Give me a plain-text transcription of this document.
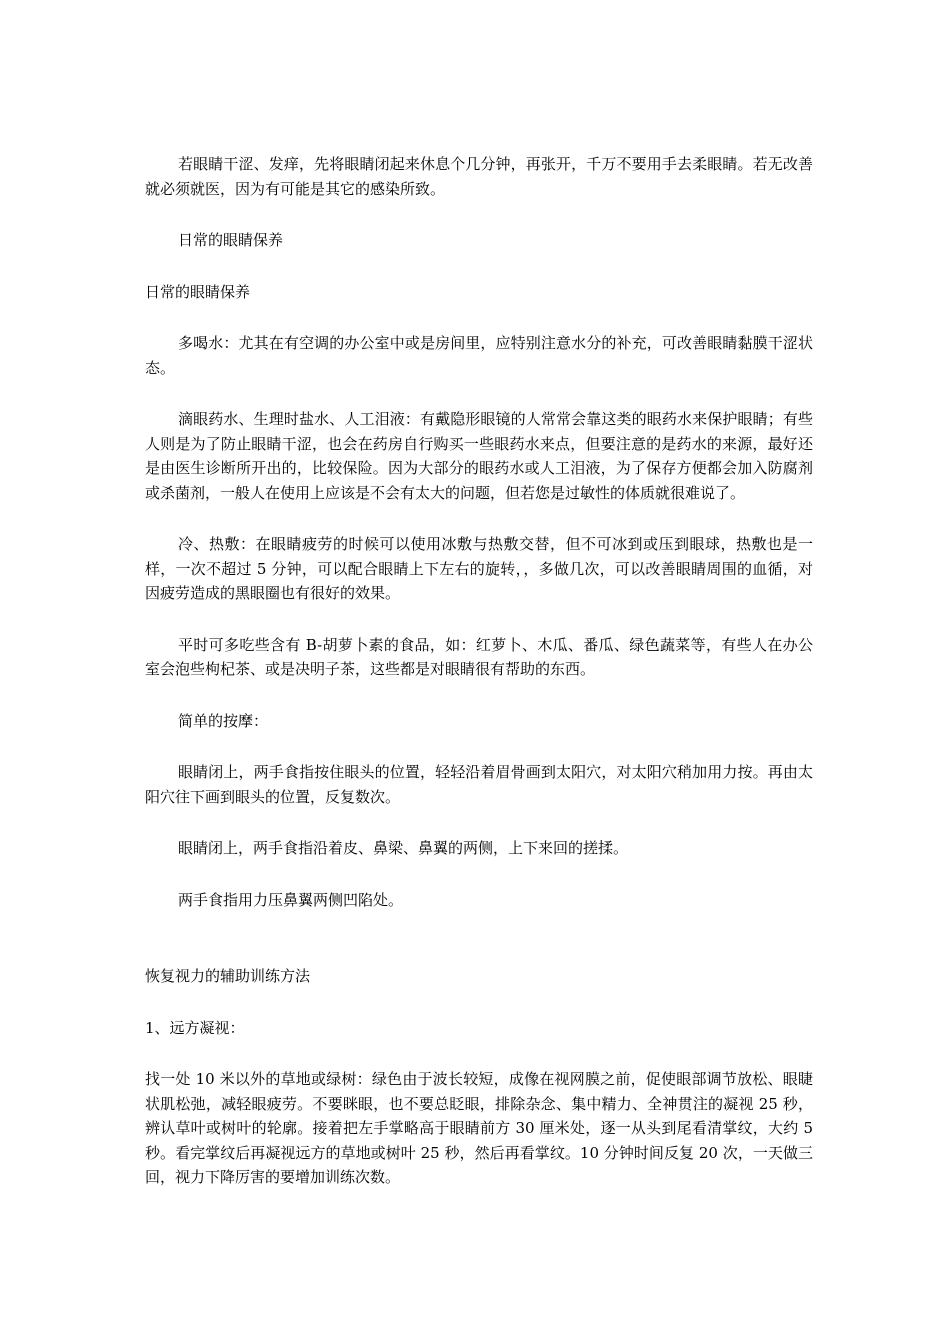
若眼睛干涩、发痒，先将眼睛闭起来休息个几分钟，再张开，千万不要用手去柔眼睛。若无改善就必须就医，因为有可能是其它的感染所致。

日常的眼睛保养

日常的眼睛保养

多喝水：尤其在有空调的办公室中或是房间里，应特别注意水分的补充，可改善眼睛黏膜干涩状态。

滴眼药水、生理时盐水、人工泪液：有戴隐形眼镜的人常常会靠这类的眼药水来保护眼睛；有些人则是为了防止眼睛干涩，也会在药房自行购买一些眼药水来点，但要注意的是药水的来源，最好还是由医生诊断所开出的，比较保险。因为大部分的眼药水或人工泪液，为了保存方便都会加入防腐剂或杀菌剂，一般人在使用上应该是不会有太大的问题，但若您是过敏性的体质就很难说了。

冷、热敷：在眼睛疲劳的时候可以使用冰敷与热敷交替，但不可冰到或压到眼球，热敷也是一样，一次不超过 5 分钟，可以配合眼睛上下左右的旋转，，多做几次，可以改善眼睛周围的血循，对因疲劳造成的黑眼圈也有很好的效果。

平时可多吃些含有 B-胡萝卜素的食品，如：红萝卜、木瓜、番瓜、绿色蔬菜等，有些人在办公室会泡些枸杞茶、或是决明子茶，这些都是对眼睛很有帮助的东西。

简单的按摩：

眼睛闭上，两手食指按住眼头的位置，轻轻沿着眉骨画到太阳穴，对太阳穴稍加用力按。再由太阳穴往下画到眼头的位置，反复数次。

眼睛闭上，两手食指沿着皮、鼻梁、鼻翼的两侧，上下来回的搓揉。

两手食指用力压鼻翼两侧凹陷处。

恢复视力的辅助训练方法

1、远方凝视：

找一处 10 米以外的草地或绿树：绿色由于波长较短，成像在视网膜之前，促使眼部调节放松、眼睫状肌松弛，减轻眼疲劳。不要眯眼，也不要总眨眼，排除杂念、集中精力、全神贯注的凝视 25 秒，辨认草叶或树叶的轮廓。接着把左手掌略高于眼睛前方 30 厘米处，逐一从头到尾看清掌纹，大约 5 秒。看完掌纹后再凝视远方的草地或树叶 25 秒，然后再看掌纹。10 分钟时间反复 20 次，一天做三回，视力下降厉害的要增加训练次数。
